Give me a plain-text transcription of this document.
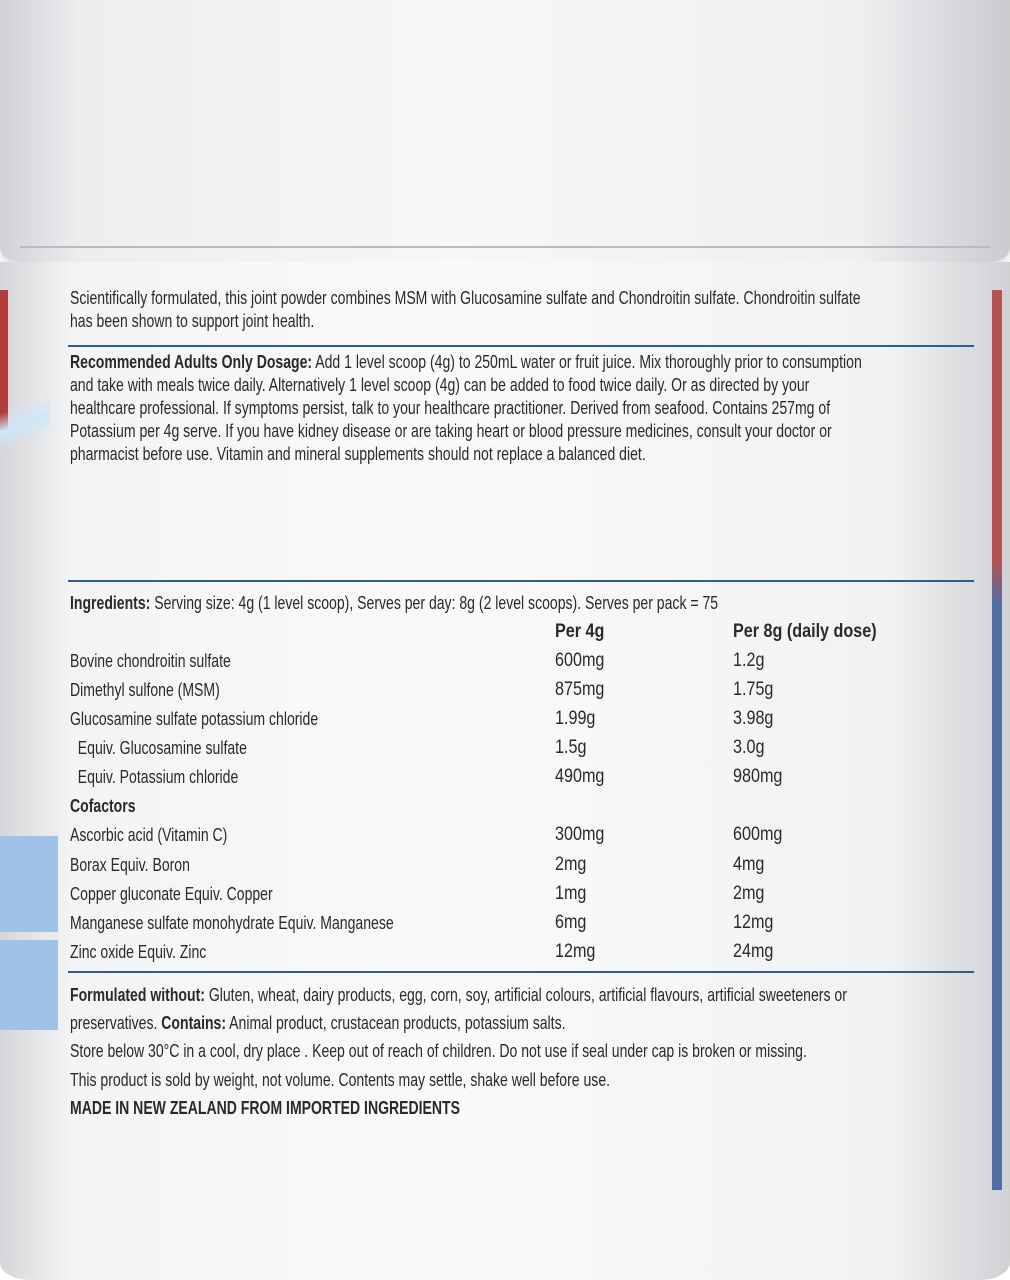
Scientifically formulated, this joint powder combines MSM with Glucosamine sulfate and Chondroitin sulfate. Chondroitin sulfate
has been shown to support joint health.
Recommended Adults Only Dosage: Add 1 level scoop (4g) to 250mL water or fruit juice. Mix thoroughly prior to consumption
and take with meals twice daily. Alternatively 1 level scoop (4g) can be added to food twice daily. Or as directed by your
healthcare professional. If symptoms persist, talk to your healthcare practitioner. Derived from seafood. Contains 257mg of
Potassium per 4g serve. If you have kidney disease or are taking heart or blood pressure medicines, consult your doctor or
pharmacist before use. Vitamin and mineral supplements should not replace a balanced diet.
Ingredients: Serving size: 4g (1 level scoop), Serves per day: 8g (2 level scoops). Serves per pack = 75
Per 4g	Per 8g (daily dose)
Bovine chondroitin sulfate	600mg	1.2g
Dimethyl sulfone (MSM)	875mg	1.75g
Glucosamine sulfate potassium chloride	1.99g	3.98g
Equiv. Glucosamine sulfate	1.5g	3.0g
Equiv. Potassium chloride	490mg	980mg
Cofactors
Ascorbic acid (Vitamin C)	300mg	600mg
Borax Equiv. Boron	2mg	4mg
Copper gluconate Equiv. Copper	1mg	2mg
Manganese sulfate monohydrate Equiv. Manganese	6mg	12mg
Zinc oxide Equiv. Zinc	12mg	24mg
Formulated without: Gluten, wheat, dairy products, egg, corn, soy, artificial colours, artificial flavours, artificial sweeteners or
preservatives. Contains: Animal product, crustacean products, potassium salts.
Store below 30°C in a cool, dry place . Keep out of reach of children. Do not use if seal under cap is broken or missing.
This product is sold by weight, not volume. Contents may settle, shake well before use.
MADE IN NEW ZEALAND FROM IMPORTED INGREDIENTS
